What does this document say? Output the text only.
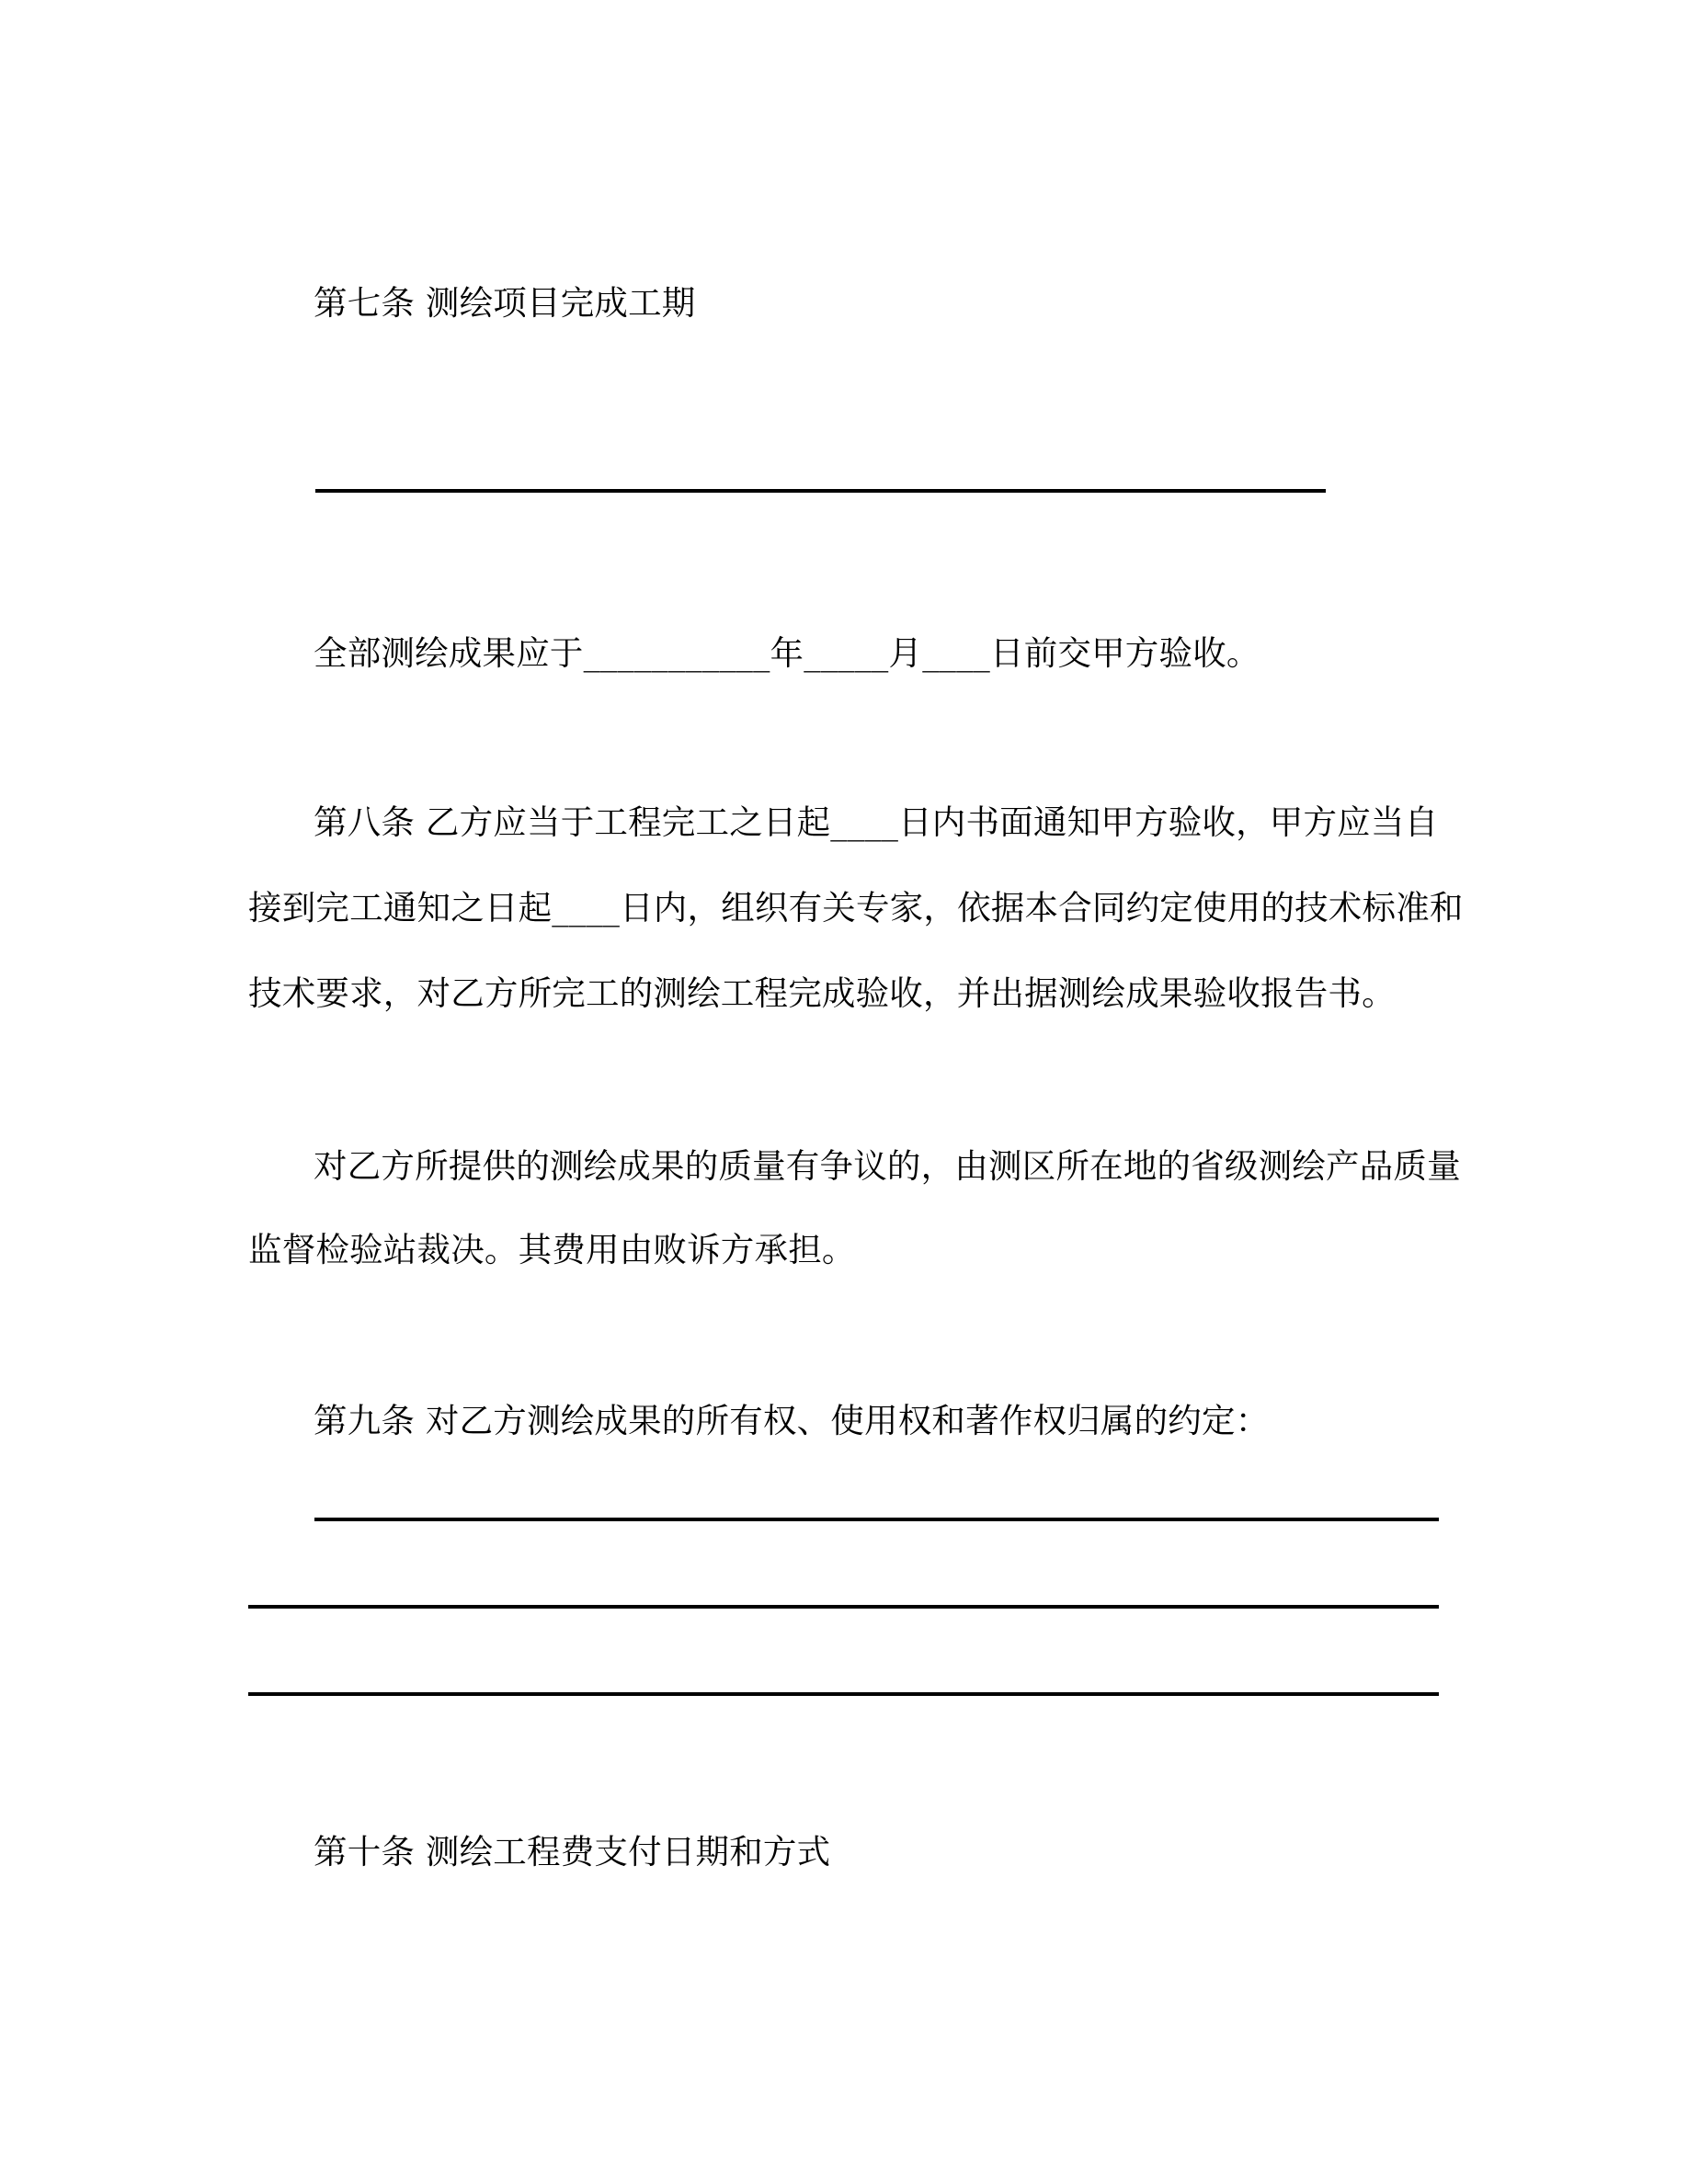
第七条 测绘项目完成工期
全部测绘成果应于___________年_____月____日前交甲方验收。
第八条 乙方应当于工程完工之日起____日内书面通知甲方验收，甲方应当自
接到完工通知之日起____日内，组织有关专家，依据本合同约定使用的技术标准和
技术要求，对乙方所完工的测绘工程完成验收，并出据测绘成果验收报告书。
对乙方所提供的测绘成果的质量有争议的，由测区所在地的省级测绘产品质量
监督检验站裁决。其费用由败诉方承担。
第九条 对乙方测绘成果的所有权、使用权和著作权归属的约定：
第十条 测绘工程费支付日期和方式
